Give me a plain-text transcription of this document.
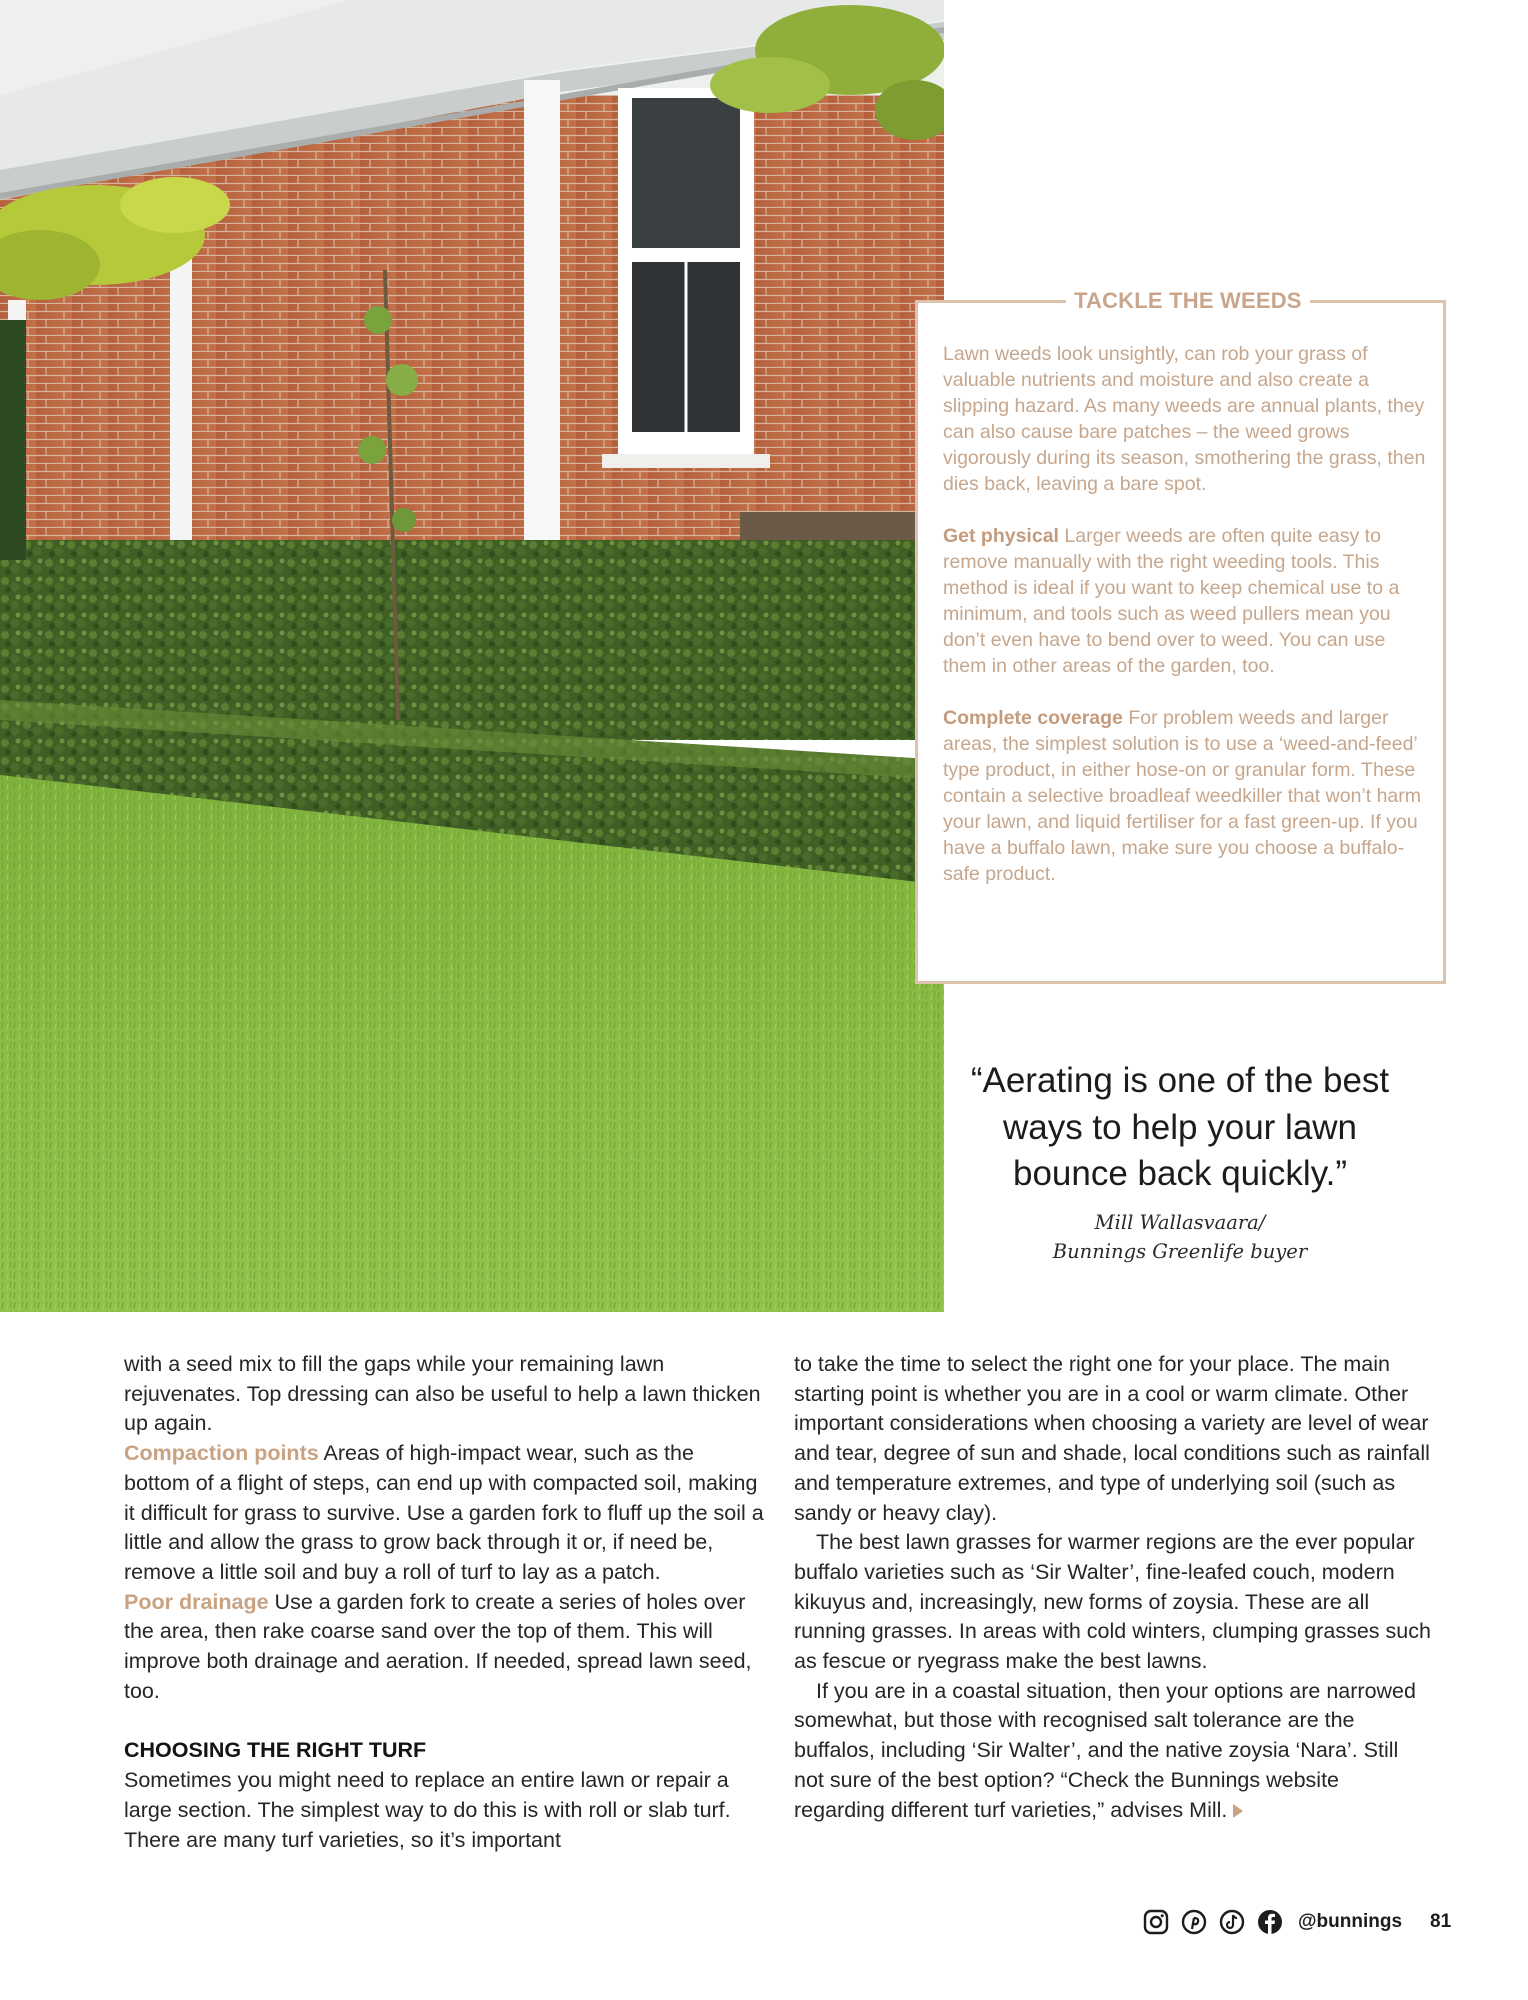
TACKLE THE WEEDS

Lawn weeds look unsightly, can rob your grass of valuable nutrients and moisture and also create a slipping hazard. As many weeds are annual plants, they can also cause bare patches – the weed grows vigorously during its season, smothering the grass, then dies back, leaving a bare spot.

Get physical Larger weeds are often quite easy to remove manually with the right weeding tools. This method is ideal if you want to keep chemical use to a minimum, and tools such as weed pullers mean you don’t even have to bend over to weed. You can use them in other areas of the garden, too.

Complete coverage For problem weeds and larger areas, the simplest solution is to use a ‘weed-and-feed’ type product, in either hose-on or granular form. These contain a selective broadleaf weedkiller that won’t harm your lawn, and liquid fertiliser for a fast green-up. If you have a buffalo lawn, make sure you choose a buffalo-safe product.

“Aerating is one of the best ways to help your lawn bounce back quickly.”
Mill Wallasvaara/
Bunnings Greenlife buyer

with a seed mix to fill the gaps while your remaining lawn rejuvenates. Top dressing can also be useful to help a lawn thicken up again.

Compaction points Areas of high-impact wear, such as the bottom of a flight of steps, can end up with compacted soil, making it difficult for grass to survive. Use a garden fork to fluff up the soil a little and allow the grass to grow back through it or, if need be, remove a little soil and buy a roll of turf to lay as a patch.

Poor drainage Use a garden fork to create a series of holes over the area, then rake coarse sand over the top of them. This will improve both drainage and aeration. If needed, spread lawn seed, too.

CHOOSING THE RIGHT TURF

Sometimes you might need to replace an entire lawn or repair a large section. The simplest way to do this is with roll or slab turf. There are many turf varieties, so it’s important

to take the time to select the right one for your place. The main starting point is whether you are in a cool or warm climate. Other important considerations when choosing a variety are level of wear and tear, degree of sun and shade, local conditions such as rainfall and temperature extremes, and type of underlying soil (such as sandy or heavy clay).

The best lawn grasses for warmer regions are the ever popular buffalo varieties such as ‘Sir Walter’, fine-leafed couch, modern kikuyus and, increasingly, new forms of zoysia. These are all running grasses. In areas with cold winters, clumping grasses such as fescue or ryegrass make the best lawns.

If you are in a coastal situation, then your options are narrowed somewhat, but those with recognised salt tolerance are the buffalos, including ‘Sir Walter’, and the native zoysia ‘Nara’. Still not sure of the best option? “Check the Bunnings website regarding different turf varieties,” advises Mill.

@bunnings 81
